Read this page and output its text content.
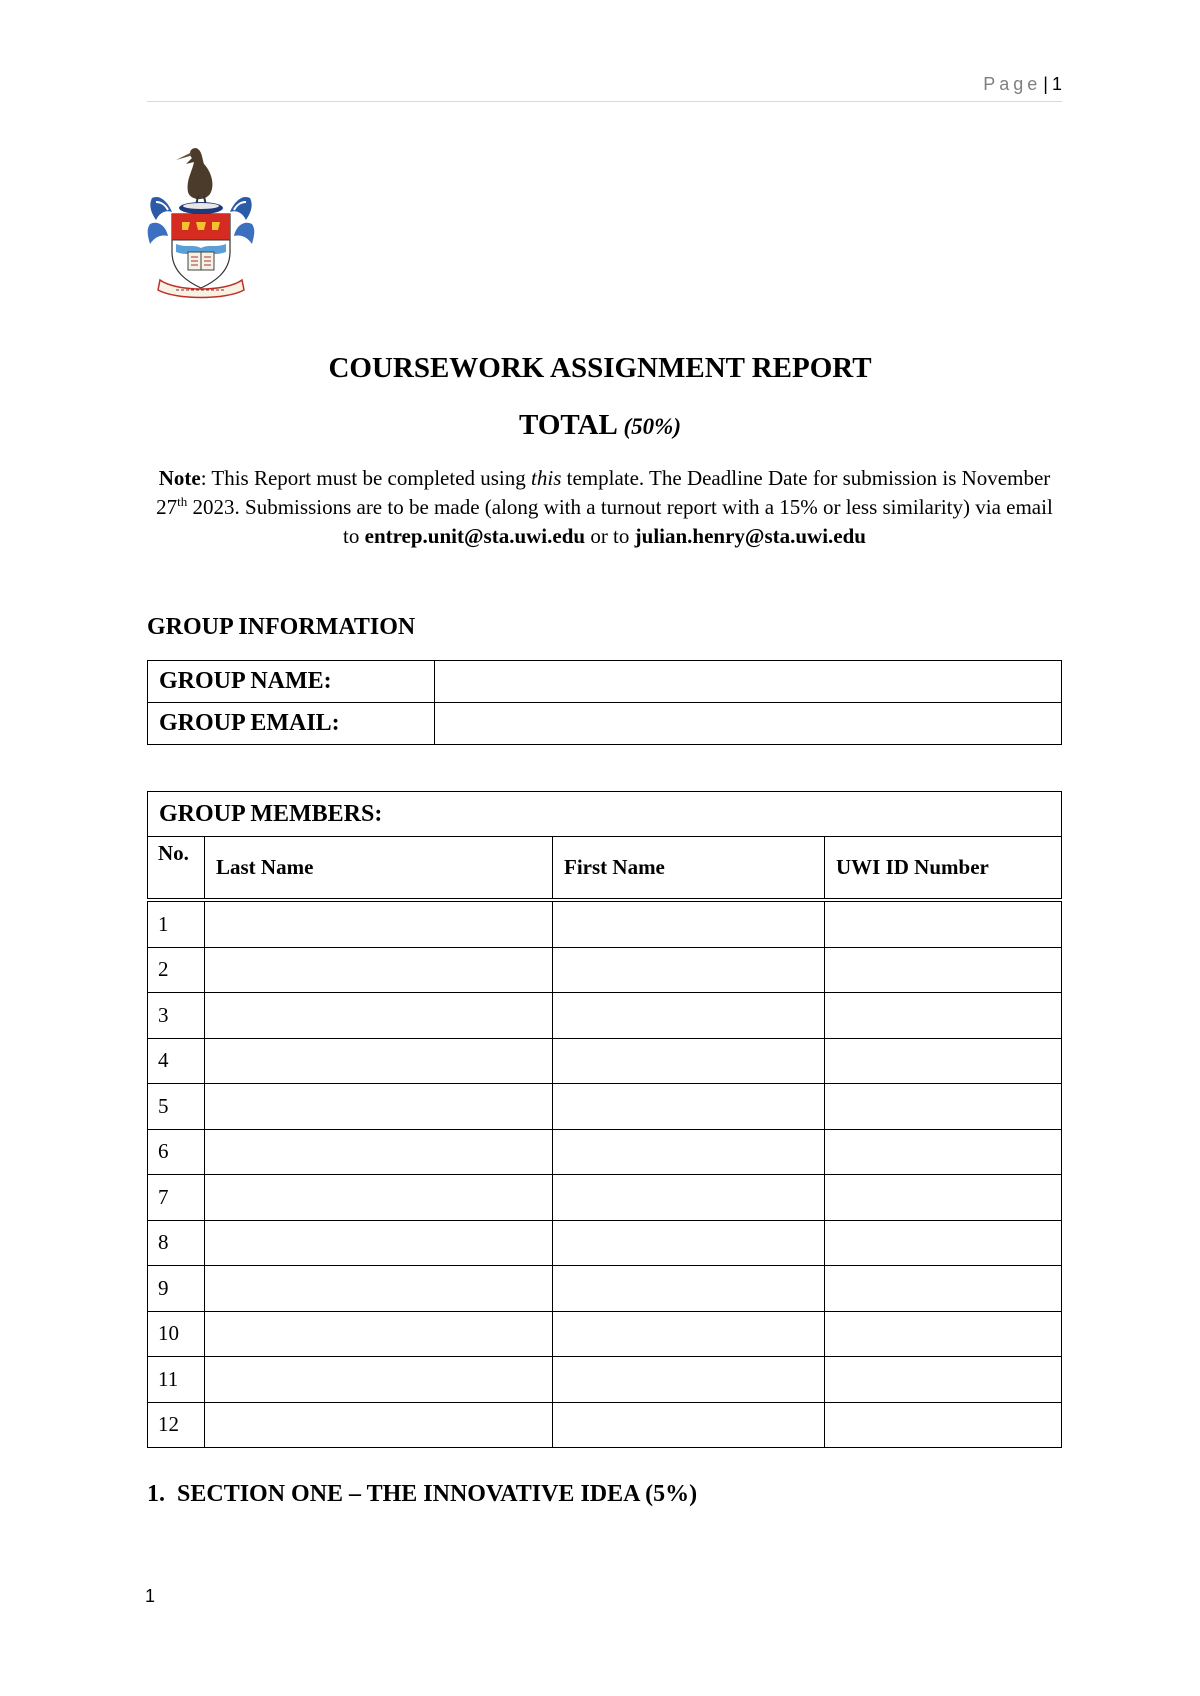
Page | 1
COURSEWORK ASSIGNMENT REPORT
TOTAL (50%)
Note: This Report must be completed using this template. The Deadline Date for submission is November 27th 2023. Submissions are to be made (along with a turnout report with a 15% or less similarity) via email to entrep.unit@sta.uwi.edu or to julian.henry@sta.uwi.edu
GROUP INFORMATION
GROUP NAME:	
GROUP EMAIL:	
GROUP MEMBERS:			
No.	Last Name	First Name	UWI ID Number
1			
2			
3			
4			
5			
6			
7			
8			
9			
10			
11			
12			
1. SECTION ONE – THE INNOVATIVE IDEA (5%)
1
